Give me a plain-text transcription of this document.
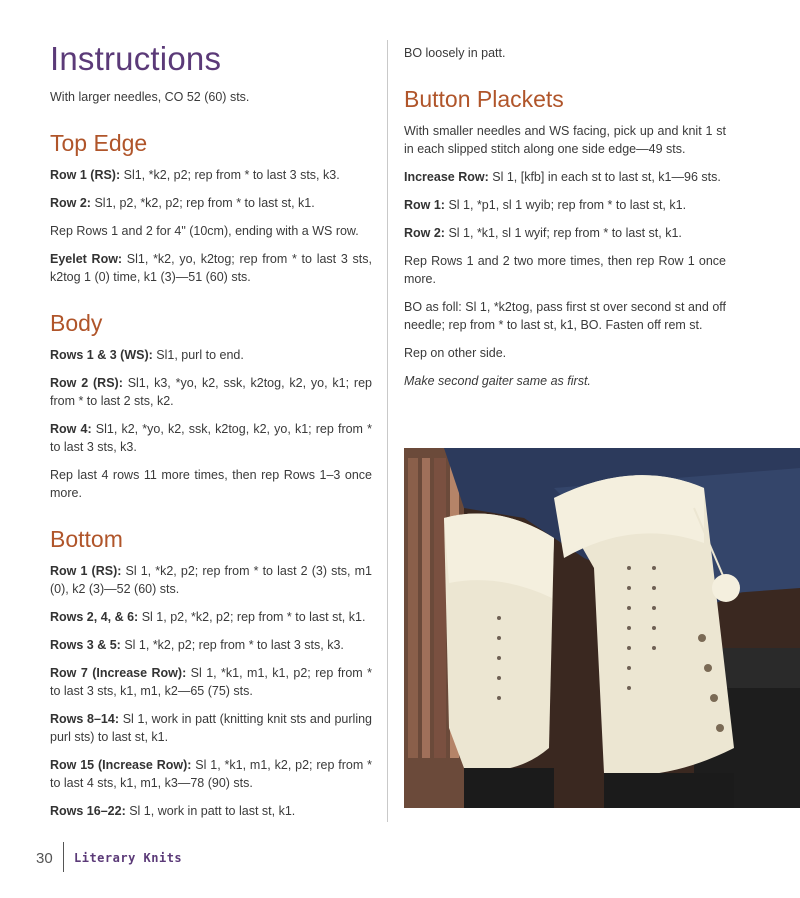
Instructions

With larger needles, CO 52 (60) sts.

Top Edge

Row 1 (RS): Sl1, *k2, p2; rep from * to last 3 sts, k3.

Row 2: Sl1, p2, *k2, p2; rep from * to last st, k1.

Rep Rows 1 and 2 for 4" (10cm), ending with a WS row.

Eyelet Row: Sl1, *k2, yo, k2tog; rep from * to last 3 sts, k2tog 1 (0) time, k1 (3)—51 (60) sts.

Body

Rows 1 & 3 (WS): Sl1, purl to end.

Row 2 (RS): Sl1, k3, *yo, k2, ssk, k2tog, k2, yo, k1; rep from * to last 2 sts, k2.

Row 4: Sl1, k2, *yo, k2, ssk, k2tog, k2, yo, k1; rep from * to last 3 sts, k3.

Rep last 4 rows 11 more times, then rep Rows 1–3 once more.

Bottom

Row 1 (RS): Sl 1, *k2, p2; rep from * to last 2 (3) sts, m1 (0), k2 (3)—52 (60) sts.

Rows 2, 4, & 6: Sl 1, p2, *k2, p2; rep from * to last st, k1.

Rows 3 & 5: Sl 1, *k2, p2; rep from * to last 3 sts, k3.

Row 7 (Increase Row): Sl 1, *k1, m1, k1, p2; rep from * to last 3 sts, k1, m1, k2—65 (75) sts.

Rows 8–14: Sl 1, work in patt (knitting knit sts and purling purl sts) to last st, k1.

Row 15 (Increase Row): Sl 1, *k1, m1, k2, p2; rep from * to last 4 sts, k1, m1, k3—78 (90) sts.

Rows 16–22: Sl 1, work in patt to last st, k1.

BO loosely in patt.

Button Plackets

With smaller needles and WS facing, pick up and knit 1 st in each slipped stitch along one side edge—49 sts.

Increase Row: Sl 1, [kfb] in each st to last st, k1—96 sts.

Row 1: Sl 1, *p1, sl 1 wyib; rep from * to last st, k1.

Row 2: Sl 1, *k1, sl 1 wyif; rep from * to last st, k1.

Rep Rows 1 and 2 two more times, then rep Row 1 once more.

BO as foll: Sl 1, *k2tog, pass first st over second st and off needle; rep from * to last st, k1, BO. Fasten off rem st.

Rep on other side.

Make second gaiter same as first.

30 Literary Knits
